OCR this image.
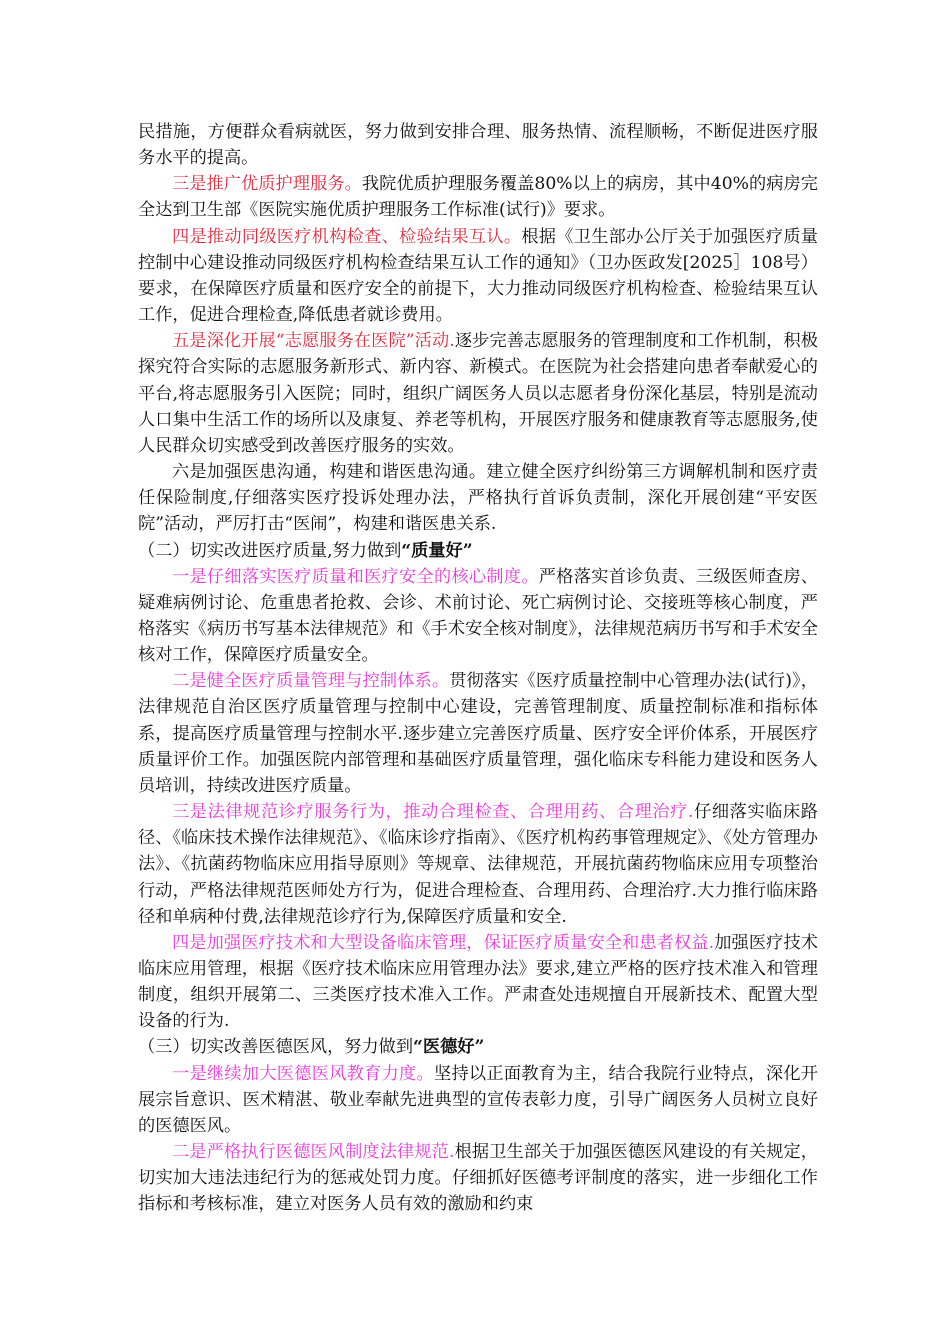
民措施，方便群众看病就医，努力做到安排合理、服务热情、流程顺畅，不断促进医疗服务水平的提高。

三是推广优质护理服务。我院优质护理服务覆盖80%以上的病房，其中40%的病房完全达到卫生部《医院实施优质护理服务工作标准(试行)》要求。

四是推动同级医疗机构检查、检验结果互认。根据《卫生部办公厅关于加强医疗质量控制中心建设推动同级医疗机构检查结果互认工作的通知》（卫办医政发[2025］108号）要求，在保障医疗质量和医疗安全的前提下，大力推动同级医疗机构检查、检验结果互认工作，促进合理检查,降低患者就诊费用。

五是深化开展“志愿服务在医院”活动.逐步完善志愿服务的管理制度和工作机制，积极探究符合实际的志愿服务新形式、新内容、新模式。在医院为社会搭建向患者奉献爱心的平台,将志愿服务引入医院；同时，组织广阔医务人员以志愿者身份深化基层，特别是流动人口集中生活工作的场所以及康复、养老等机构，开展医疗服务和健康教育等志愿服务,使人民群众切实感受到改善医疗服务的实效。

六是加强医患沟通，构建和谐医患沟通。建立健全医疗纠纷第三方调解机制和医疗责任保险制度,仔细落实医疗投诉处理办法，严格执行首诉负责制，深化开展创建“平安医院”活动，严厉打击“医闹”，构建和谐医患关系.

（二）切实改进医疗质量,努力做到“质量好”

一是仔细落实医疗质量和医疗安全的核心制度。严格落实首诊负责、三级医师查房、疑难病例讨论、危重患者抢救、会诊、术前讨论、死亡病例讨论、交接班等核心制度，严格落实《病历书写基本法律规范》和《手术安全核对制度》，法律规范病历书写和手术安全核对工作，保障医疗质量安全。

二是健全医疗质量管理与控制体系。贯彻落实《医疗质量控制中心管理办法(试行)》，法律规范自治区医疗质量管理与控制中心建设，完善管理制度、质量控制标准和指标体系，提高医疗质量管理与控制水平.逐步建立完善医疗质量、医疗安全评价体系，开展医疗质量评价工作。加强医院内部管理和基础医疗质量管理，强化临床专科能力建设和医务人员培训，持续改进医疗质量。

三是法律规范诊疗服务行为，推动合理检查、合理用药、合理治疗.仔细落实临床路径、《临床技术操作法律规范》、《临床诊疗指南》、《医疗机构药事管理规定》、《处方管理办法》、《抗菌药物临床应用指导原则》等规章、法律规范，开展抗菌药物临床应用专项整治行动，严格法律规范医师处方行为，促进合理检查、合理用药、合理治疗.大力推行临床路径和单病种付费,法律规范诊疗行为,保障医疗质量和安全.

四是加强医疗技术和大型设备临床管理，保证医疗质量安全和患者权益.加强医疗技术临床应用管理，根据《医疗技术临床应用管理办法》要求,建立严格的医疗技术准入和管理制度，组织开展第二、三类医疗技术准入工作。严肃查处违规擅自开展新技术、配置大型设备的行为.

（三）切实改善医德医风，努力做到“医德好”

一是继续加大医德医风教育力度。坚持以正面教育为主，结合我院行业特点，深化开展宗旨意识、医术精湛、敬业奉献先进典型的宣传表彰力度，引导广阔医务人员树立良好的医德医风。

二是严格执行医德医风制度法律规范.根据卫生部关于加强医德医风建设的有关规定，切实加大违法违纪行为的惩戒处罚力度。仔细抓好医德考评制度的落实，进一步细化工作指标和考核标准，建立对医务人员有效的激励和约束
